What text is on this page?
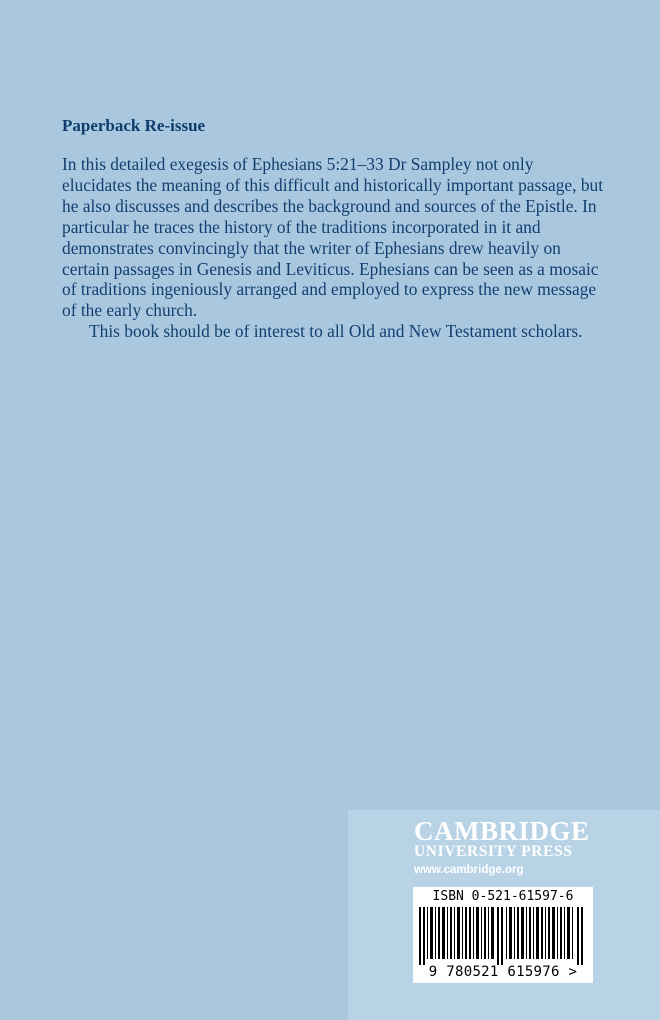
Paperback Re-issue

In this detailed exegesis of Ephesians 5:21–33 Dr Sampley not only elucidates the meaning of this difficult and historically important passage, but he also discusses and describes the background and sources of the Epistle. In particular he traces the history of the traditions incorporated in it and demonstrates convincingly that the writer of Ephesians drew heavily on certain passages in Genesis and Leviticus. Ephesians can be seen as a mosaic of traditions ingeniously arranged and employed to express the new message of the early church.

This book should be of interest to all Old and New Testament scholars.

CAMBRIDGE
UNIVERSITY PRESS
www.cambridge.org
ISBN 0-521-61597-6
9 780521 615976 >
